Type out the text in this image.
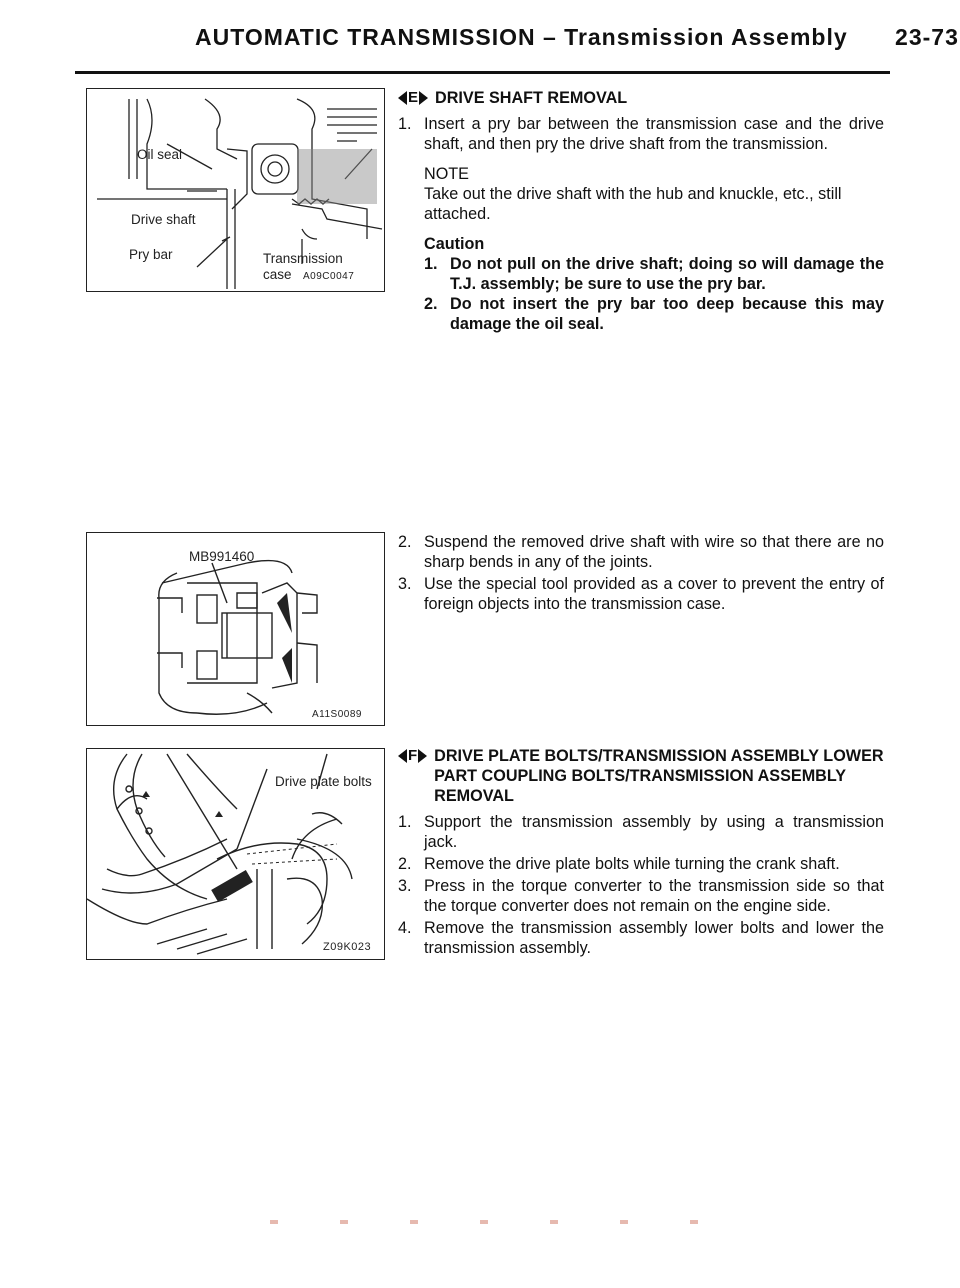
AUTOMATIC TRANSMISSION – Transmission Assembly 23-73
Oil seal
Drive shaft
Pry bar	Transmission
case A09C0047
MB991460
A11S0089
Drive plate bolts
Z09K023
E DRIVE SHAFT REMOVAL
1. Insert a pry bar between the transmission case and the drive shaft, and then pry the drive shaft from the transmission.
NOTE
Take out the drive shaft with the hub and knuckle, etc., still attached.
Caution
1. Do not pull on the drive shaft; doing so will damage the T.J. assembly; be sure to use the pry bar.
2. Do not insert the pry bar too deep because this may damage the oil seal.
2. Suspend the removed drive shaft with wire so that there are no sharp bends in any of the joints.
3. Use the special tool provided as a cover to prevent the entry of foreign objects into the transmission case.
F DRIVE PLATE BOLTS/TRANSMISSION ASSEMBLY LOWER PART COUPLING BOLTS/TRANSMISSION ASSEMBLY REMOVAL
1. Support the transmission assembly by using a transmission jack.
2. Remove the drive plate bolts while turning the crank shaft.
3. Press in the torque converter to the transmission side so that the torque converter does not remain on the engine side.
4. Remove the transmission assembly lower bolts and lower the transmission assembly.
